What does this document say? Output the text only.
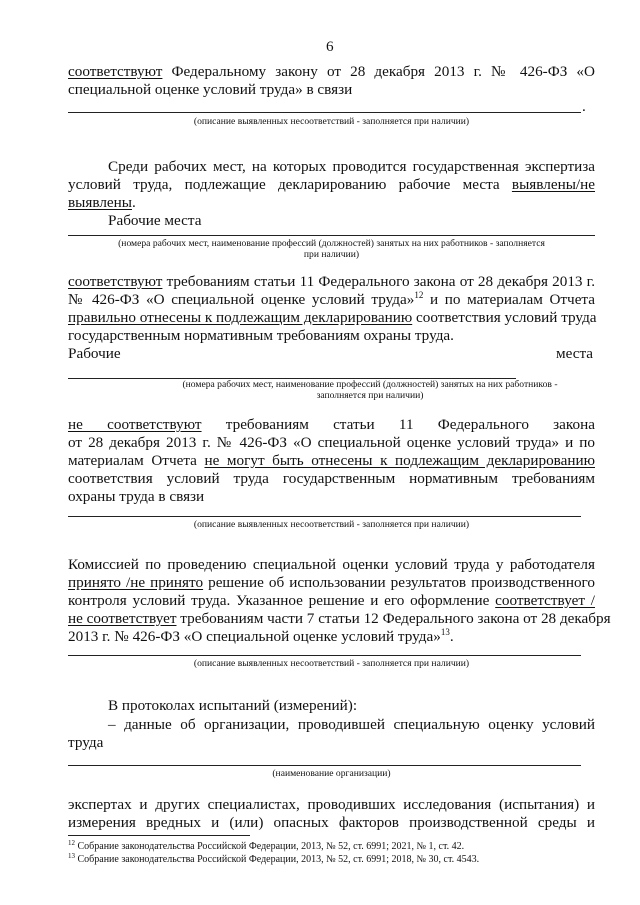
6
соответствуют Федеральному закону от 28 декабря 2013 г. № 426-ФЗ «О
специальной оценке условий труда» в связи
.
(описание выявленных несоответствий - заполняется при наличии)
Среди рабочих мест, на которых проводится государственная экспертиза
условий труда, подлежащие декларированию рабочие места выявлены/не
выявлены.
Рабочие места
(номера рабочих мест, наименование профессий (должностей) занятых на них работников - заполняется
при наличии)
соответствуют требованиям статьи 11 Федерального закона от 28 декабря 2013 г.
№ 426-ФЗ «О специальной оценке условий труда»$^{12}$ и по материалам Отчета
правильно отнесены к подлежащим декларированию соответствия условий труда
государственным нормативным требованиям охраны труда.
Рабочие	места
(номера рабочих мест, наименование профессий (должностей) занятых на них работников -
заполняется при наличии)
не соответствуют требованиям статьи 11 Федерального закона
от 28 декабря 2013 г. № 426-ФЗ «О специальной оценке условий труда» и по
материалам Отчета не могут быть отнесены к подлежащим декларированию
соответствия условий труда государственным нормативным требованиям
охраны труда в связи
(описание выявленных несоответствий - заполняется при наличии)
Комиссией по проведению специальной оценки условий труда у работодателя
принято /не принято решение об использовании результатов производственного
контроля условий труда. Указанное решение и его оформление соответствует /
не соответствует требованиям части 7 статьи 12 Федерального закона от 28 декабря
2013 г. № 426-ФЗ «О специальной оценке условий труда»$^{13}$.
(описание выявленных несоответствий - заполняется при наличии)
В протоколах испытаний (измерений):
– данные об организации, проводившей специальную оценку условий
труда
(наименование организации)
экспертах и других специалистах, проводивших исследования (испытания) и
измерения вредных и (или) опасных факторов производственной среды и
$^{12}$ Собрание законодательства Российской Федерации, 2013, № 52, ст. 6991; 2021, № 1, ст. 42.
$^{13}$ Собрание законодательства Российской Федерации, 2013, № 52, ст. 6991; 2018, № 30, ст. 4543.
